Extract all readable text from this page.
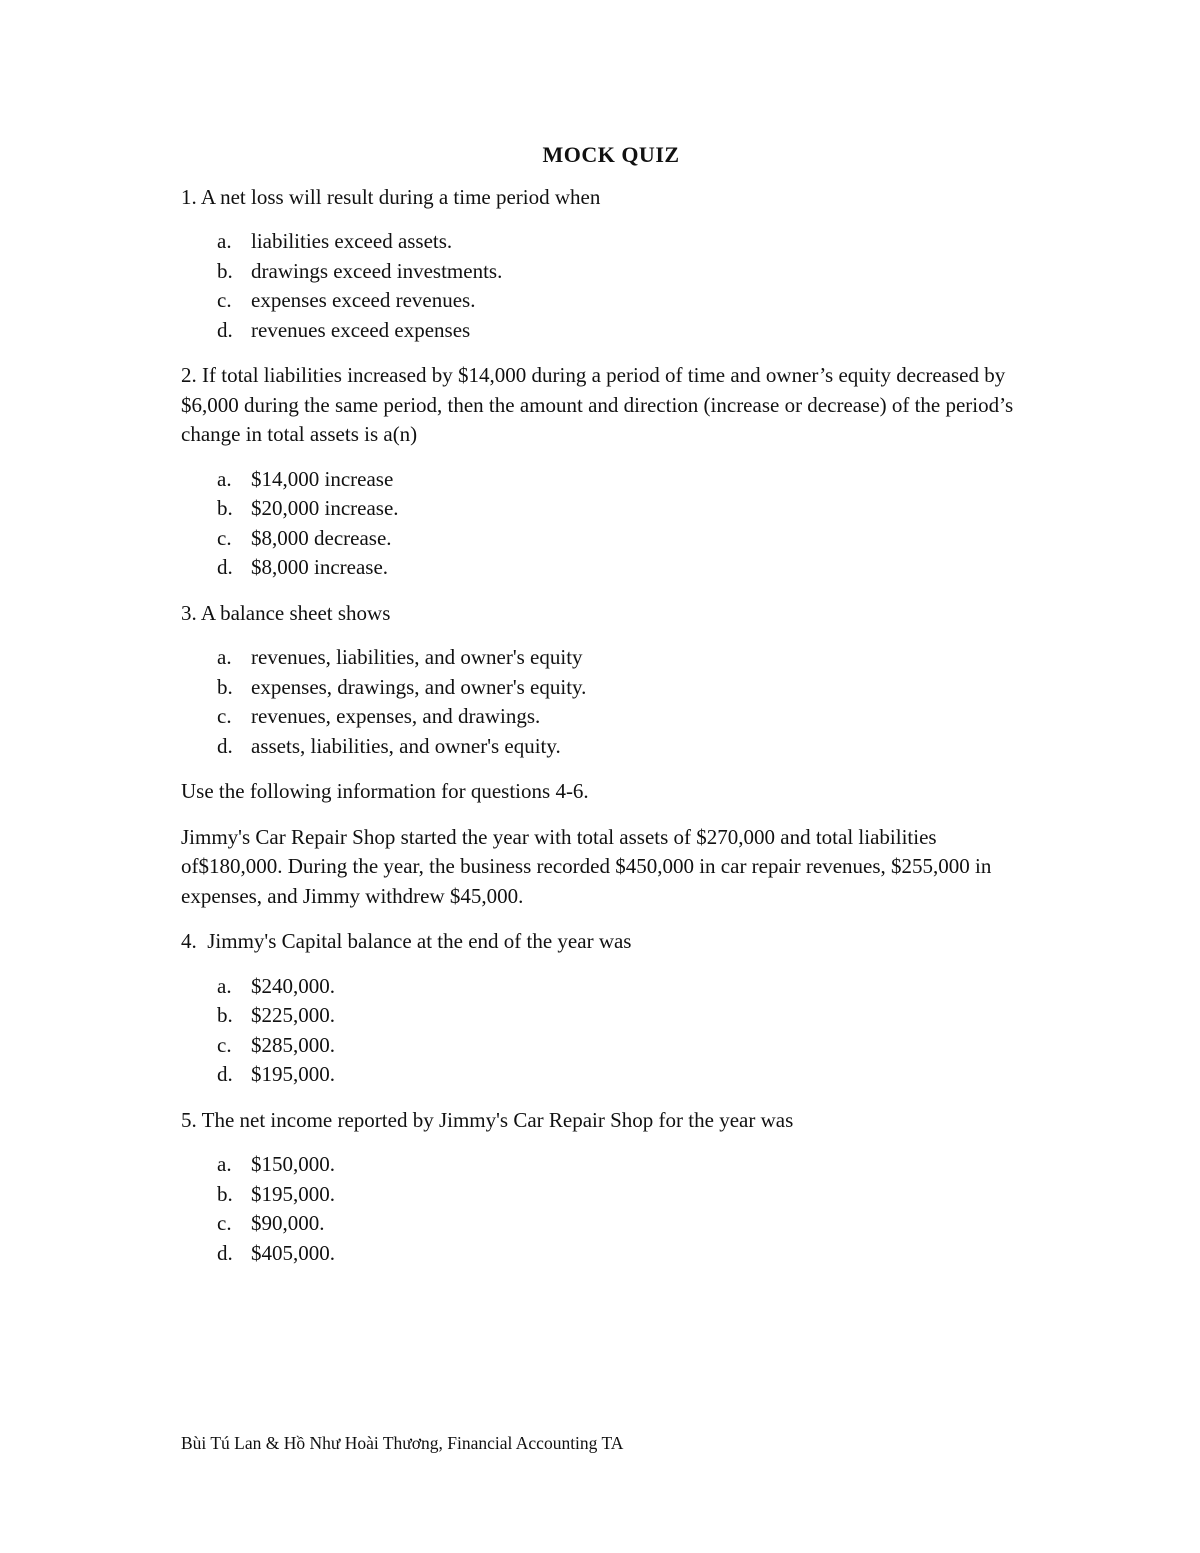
MOCK QUIZ

1. A net loss will result during a time period when

a. liabilities exceed assets.
b. drawings exceed investments.
c. expenses exceed revenues.
d. revenues exceed expenses

2. If total liabilities increased by $14,000 during a period of time and owner’s equity decreased by $6,000 during the same period, then the amount and direction (increase or decrease) of the period’s change in total assets is a(n)

a. $14,000 increase
b. $20,000 increase.
c. $8,000 decrease.
d. $8,000 increase.

3. A balance sheet shows

a. revenues, liabilities, and owner's equity
b. expenses, drawings, and owner's equity.
c. revenues, expenses, and drawings.
d. assets, liabilities, and owner's equity.

Use the following information for questions 4-6.

Jimmy's Car Repair Shop started the year with total assets of $270,000 and total liabilities of$180,000. During the year, the business recorded $450,000 in car repair revenues, $255,000 in expenses, and Jimmy withdrew $45,000.

4.  Jimmy's Capital balance at the end of the year was

a. $240,000.
b. $225,000.
c. $285,000.
d. $195,000.

5. The net income reported by Jimmy's Car Repair Shop for the year was

a. $150,000.
b. $195,000.
c. $90,000.
d. $405,000.
Bùi Tú Lan & Hồ Như Hoài Thương, Financial Accounting TA
